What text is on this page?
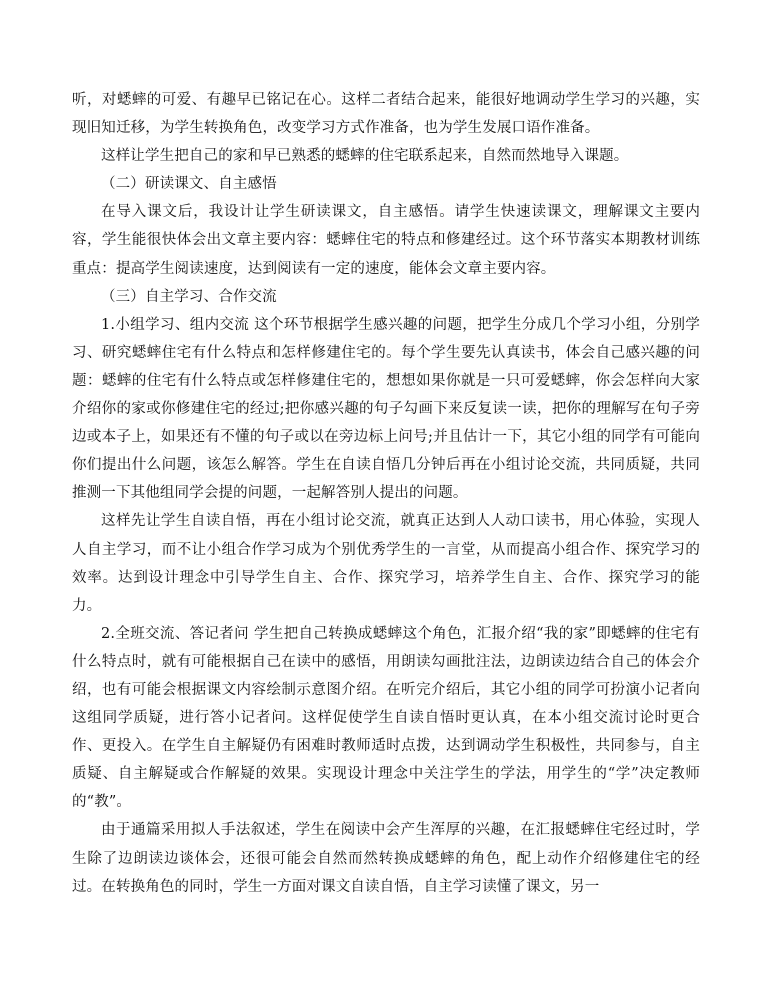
听，对蟋蟀的可爱、有趣早已铭记在心。这样二者结合起来，能很好地调动学生学习的兴趣，实现旧知迁移，为学生转换角色，改变学习方式作准备，也为学生发展口语作准备。

这样让学生把自己的家和早已熟悉的蟋蟀的住宅联系起来，自然而然地导入课题。

（二）研读课文、自主感悟

在导入课文后，我设计让学生研读课文，自主感悟。请学生快速读课文，理解课文主要内容，学生能很快体会出文章主要内容：蟋蟀住宅的特点和修建经过。这个环节落实本期教材训练重点：提高学生阅读速度，达到阅读有一定的速度，能体会文章主要内容。

（三）自主学习、合作交流

1.小组学习、组内交流 这个环节根据学生感兴趣的问题，把学生分成几个学习小组，分别学习、研究蟋蟀住宅有什么特点和怎样修建住宅的。每个学生要先认真读书，体会自己感兴趣的问题：蟋蟀的住宅有什么特点或怎样修建住宅的，想想如果你就是一只可爱蟋蟀，你会怎样向大家介绍你的家或你修建住宅的经过;把你感兴趣的句子勾画下来反复读一读，把你的理解写在句子旁边或本子上，如果还有不懂的句子或以在旁边标上问号;并且估计一下，其它小组的同学有可能向你们提出什么问题，该怎么解答。学生在自读自悟几分钟后再在小组讨论交流，共同质疑，共同推测一下其他组同学会提的问题，一起解答别人提出的问题。

这样先让学生自读自悟，再在小组讨论交流，就真正达到人人动口读书，用心体验，实现人人自主学习，而不让小组合作学习成为个别优秀学生的一言堂，从而提高小组合作、探究学习的效率。达到设计理念中引导学生自主、合作、探究学习，培养学生自主、合作、探究学习的能力。

2.全班交流、答记者问 学生把自己转换成蟋蟀这个角色，汇报介绍“我的家”即蟋蟀的住宅有什么特点时，就有可能根据自己在读中的感悟，用朗读勾画批注法，边朗读边结合自己的体会介绍，也有可能会根据课文内容绘制示意图介绍。在听完介绍后，其它小组的同学可扮演小记者向这组同学质疑，进行答小记者问。这样促使学生自读自悟时更认真，在本小组交流讨论时更合作、更投入。在学生自主解疑仍有困难时教师适时点拨，达到调动学生积极性，共同参与，自主质疑、自主解疑或合作解疑的效果。实现设计理念中关注学生的学法，用学生的“学”决定教师的“教”。

由于通篇采用拟人手法叙述，学生在阅读中会产生浑厚的兴趣，在汇报蟋蟀住宅经过时，学生除了边朗读边谈体会，还很可能会自然而然转换成蟋蟀的角色，配上动作介绍修建住宅的经过。在转换角色的同时，学生一方面对课文自读自悟，自主学习读懂了课文，另一
